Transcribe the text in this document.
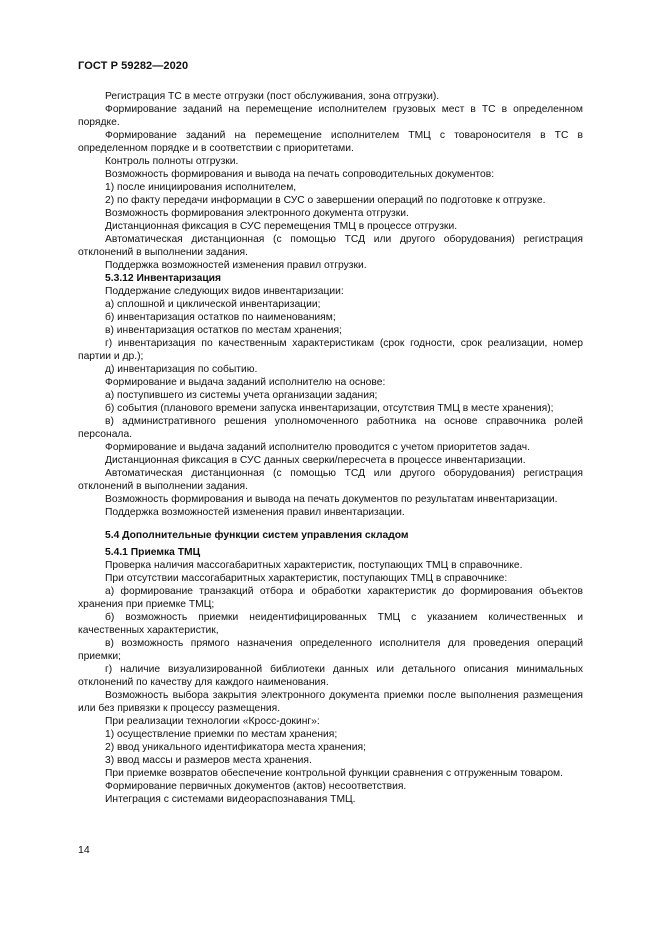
ГОСТ Р 59282—2020

Регистрация ТС в месте отгрузки (пост обслуживания, зона отгрузки).

Формирование заданий на перемещение исполнителем грузовых мест в ТС в определенном порядке.

Формирование заданий на перемещение исполнителем ТМЦ с товароносителя в ТС в определенном порядке и в соответствии с приоритетами.

Контроль полноты отгрузки.

Возможность формирования и вывода на печать сопроводительных документов:

1) после инициирования исполнителем,

2) по факту передачи информации в СУС о завершении операций по подготовке к отгрузке.

Возможность формирования электронного документа отгрузки.

Дистанционная фиксация в СУС перемещения ТМЦ в процессе отгрузки.

Автоматическая дистанционная (с помощью ТСД или другого оборудования) регистрация отклонений в выполнении задания.

Поддержка возможностей изменения правил отгрузки.

5.3.12 Инвентаризация

Поддержание следующих видов инвентаризации:

а) сплошной и циклической инвентаризации;

б) инвентаризация остатков по наименованиям;

в) инвентаризация остатков по местам хранения;

г) инвентаризация по качественным характеристикам (срок годности, срок реализации, номер партии и др.);

д) инвентаризация по событию.

Формирование и выдача заданий исполнителю на основе:

а) поступившего из системы учета организации задания;

б) события (планового времени запуска инвентаризации, отсутствия ТМЦ в месте хранения);

в) административного решения уполномоченного работника на основе справочника ролей персонала.

Формирование и выдача заданий исполнителю проводится с учетом приоритетов задач.

Дистанционная фиксация в СУС данных сверки/пересчета в процессе инвентаризации.

Автоматическая дистанционная (с помощью ТСД или другого оборудования) регистрация отклонений в выполнении задания.

Возможность формирования и вывода на печать документов по результатам инвентаризации.

Поддержка возможностей изменения правил инвентаризации.

5.4 Дополнительные функции систем управления складом

5.4.1 Приемка ТМЦ

Проверка наличия массогабаритных характеристик, поступающих ТМЦ в справочнике.

При отсутствии массогабаритных характеристик, поступающих ТМЦ в справочнике:

а) формирование транзакций отбора и обработки характеристик до формирования объектов хранения при приемке ТМЦ;

б) возможность приемки неидентифицированных ТМЦ с указанием количественных и качественных характеристик,

в) возможность прямого назначения определенного исполнителя для проведения операций приемки;

г) наличие визуализированной библиотеки данных или детального описания минимальных отклонений по качеству для каждого наименования.

Возможность выбора закрытия электронного документа приемки после выполнения размещения или без привязки к процессу размещения.

При реализации технологии «Кросс-докинг»:

1) осуществление приемки по местам хранения;

2) ввод уникального идентификатора места хранения;

3) ввод массы и размеров места хранения.

При приемке возвратов обеспечение контрольной функции сравнения с отгруженным товаром.

Формирование первичных документов (актов) несоответствия.

Интеграция с системами видеораспознавания ТМЦ.

14
